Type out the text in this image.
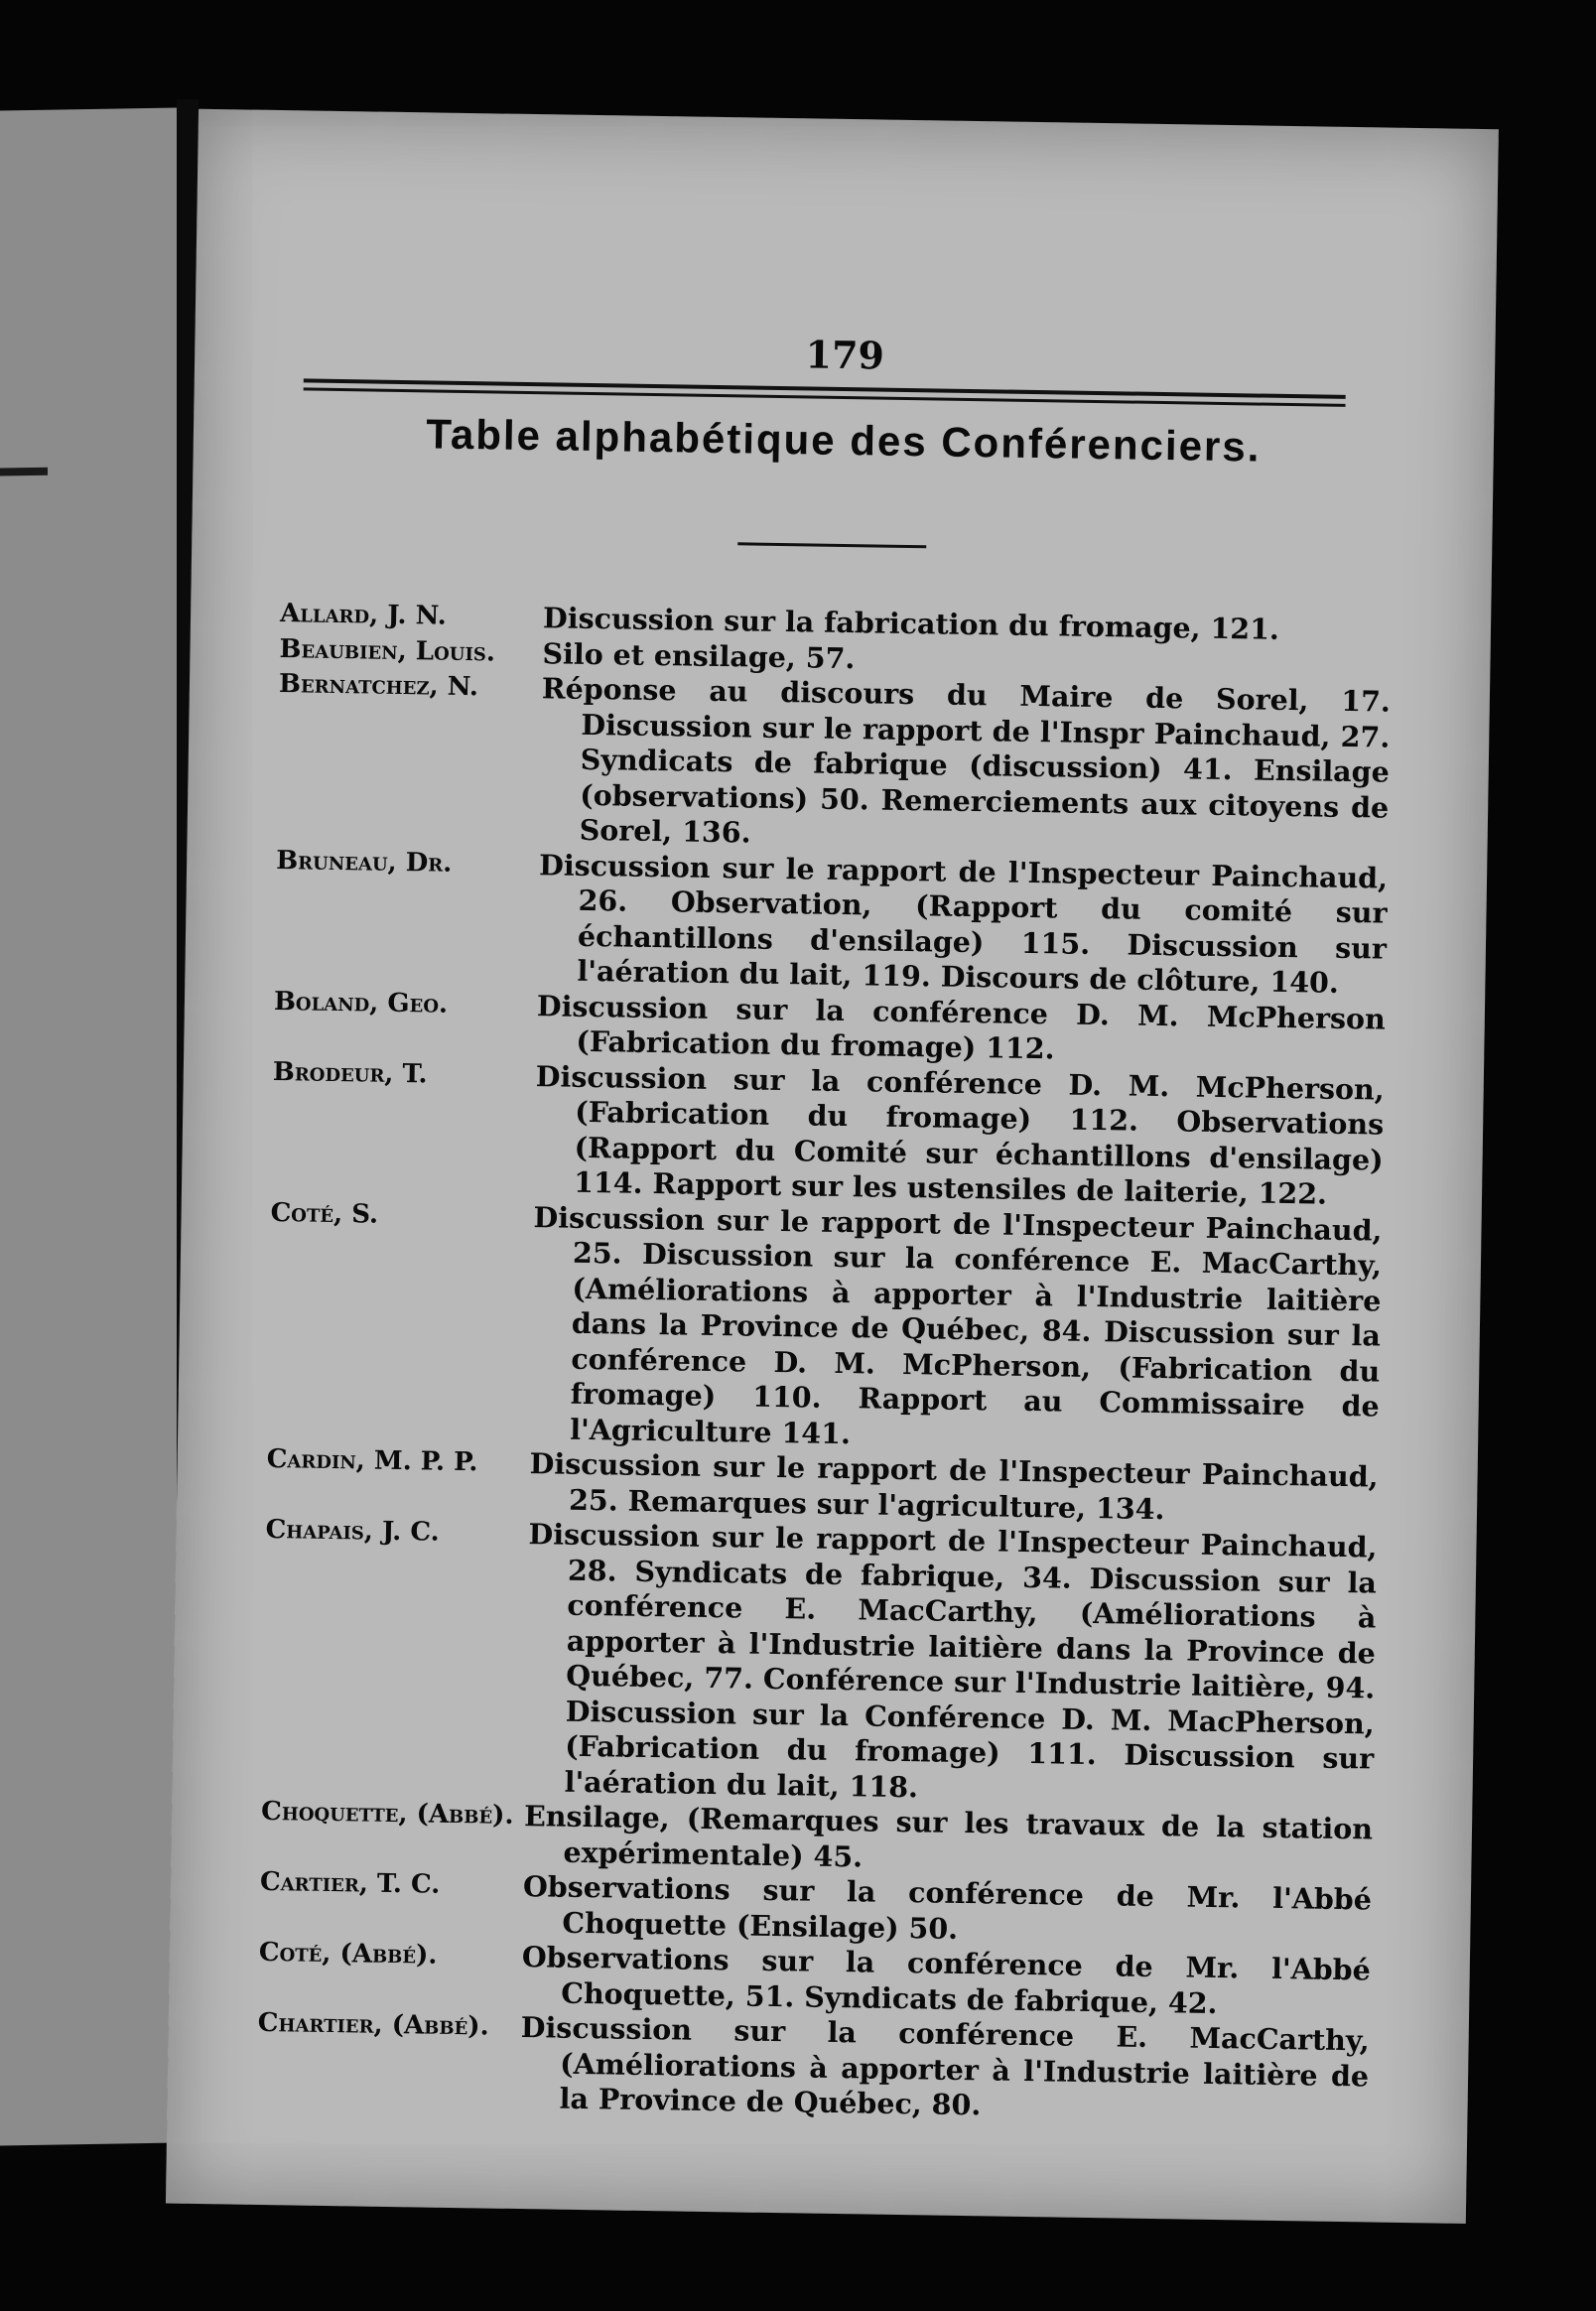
179
Table alphabétique des Conférenciers.
Allard, J. N.	Discussion sur la fabrication du fromage, 121.
Beaubien, Louis.	Silo et ensilage, 57.
Bernatchez, N.	Réponse au discours du Maire de Sorel, 17. Discussion sur le rapport de l'Inspr Painchaud, 27. Syndicats de fabrique (discussion) 41. Ensilage (observations) 50. Remerciements aux citoyens de Sorel, 136.
Bruneau, Dr.	Discussion sur le rapport de l'Inspecteur Painchaud, 26. Observation, (Rapport du comité sur échantillons d'ensilage) 115. Discussion sur l'aération du lait, 119. Discours de clôture, 140.
Boland, Geo.	Discussion sur la conférence D. M. McPherson (Fabrication du fromage) 112.
Brodeur, T.	Discussion sur la conférence D. M. McPherson, (Fabrication du fromage) 112. Observations (Rapport du Comité sur échantillons d'ensilage) 114. Rapport sur les ustensiles de laiterie, 122.
Coté, S.	Discussion sur le rapport de l'Inspecteur Painchaud, 25. Discussion sur la conférence E. MacCarthy, (Améliorations à apporter à l'Industrie laitière dans la Province de Québec, 84. Discussion sur la conférence D. M. McPherson, (Fabrication du fromage) 110. Rapport au Commissaire de l'Agriculture 141.
Cardin, M. P. P.	Discussion sur le rapport de l'Inspecteur Painchaud, 25. Remarques sur l'agriculture, 134.
Chapais, J. C.	Discussion sur le rapport de l'Inspecteur Painchaud, 28. Syndicats de fabrique, 34. Discussion sur la conférence E. MacCarthy, (Améliorations à apporter à l'Industrie laitière dans la Province de Québec, 77. Conférence sur l'Industrie laitière, 94. Discussion sur la Conférence D. M. MacPherson, (Fabrication du fromage) 111. Discussion sur l'aération du lait, 118.
Choquette, (Abbé). Ensilage, (Remarques sur les travaux de la station expérimentale) 45.
Cartier, T. C.	Observations sur la conférence de Mr. l'Abbé Choquette (Ensilage) 50.
Coté, (Abbé).	Observations sur la conférence de Mr. l'Abbé Choquette, 51. Syndicats de fabrique, 42.
Chartier, (Abbé).	Discussion sur la conférence E. MacCarthy, (Améliorations à apporter à l'Industrie laitière de la Province de Québec, 80.
